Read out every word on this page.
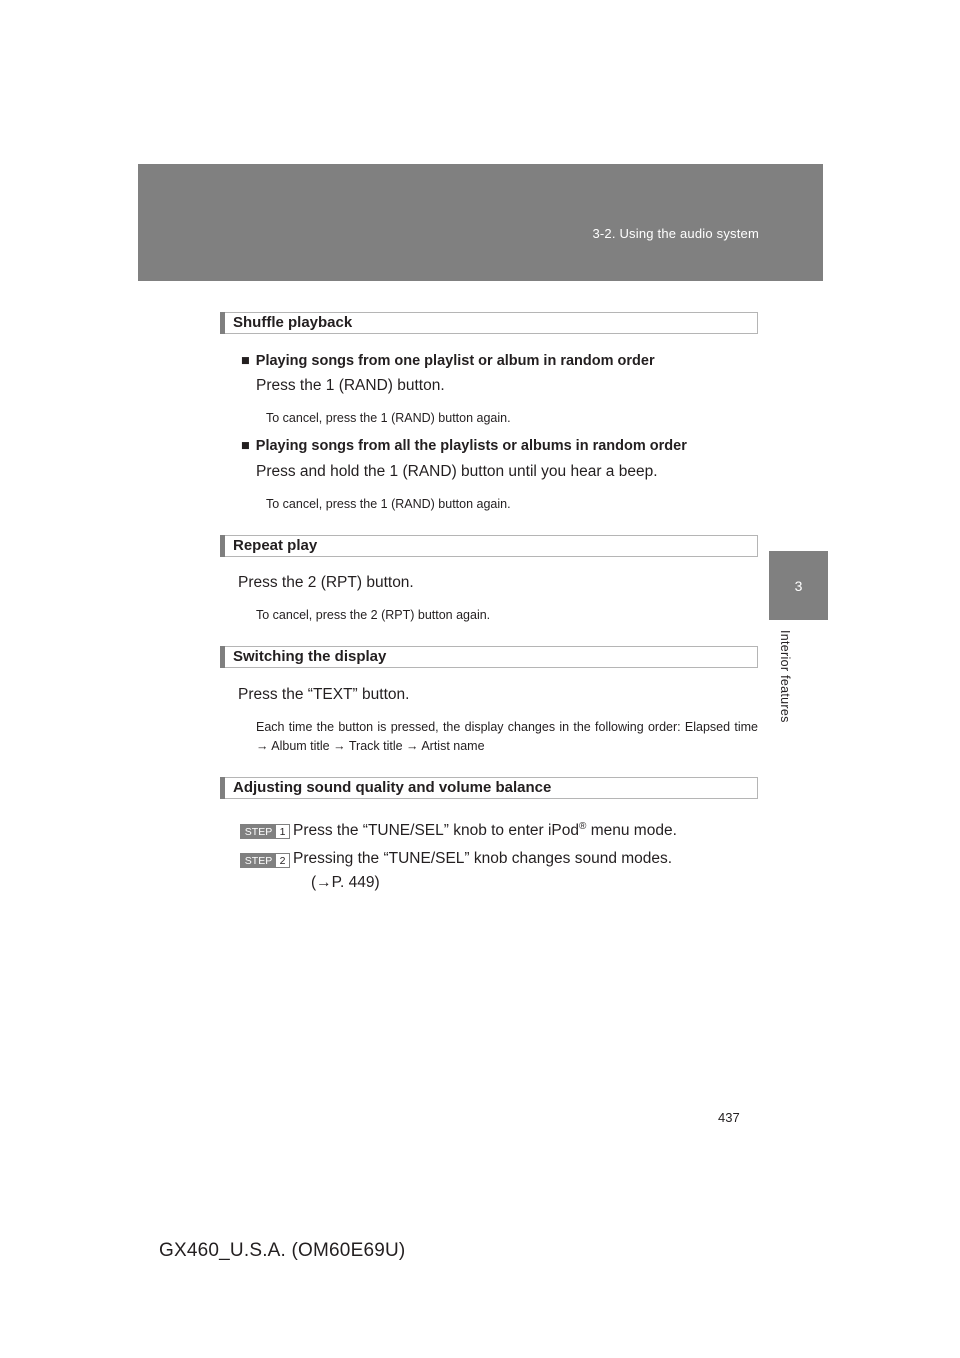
3-2. Using the audio system
3
Interior features
Shuffle playback
■ Playing songs from one playlist or album in random order
Press the 1 (RAND) button.
To cancel, press the 1 (RAND) button again.
■ Playing songs from all the playlists or albums in random order
Press and hold the 1 (RAND) button until you hear a beep.
To cancel, press the 1 (RAND) button again.
Repeat play
Press the 2 (RPT) button.
To cancel, press the 2 (RPT) button again.
Switching the display
Press the “TEXT” button.
Each time the button is pressed, the display changes in the following order: Elapsed time → Album title → Track title → Artist name
Adjusting sound quality and volume balance
STEP 1 Press the “TUNE/SEL” knob to enter iPod® menu mode.
STEP 2 Pressing the “TUNE/SEL” knob changes sound modes.
(→P. 449)
437
GX460_U.S.A. (OM60E69U)
